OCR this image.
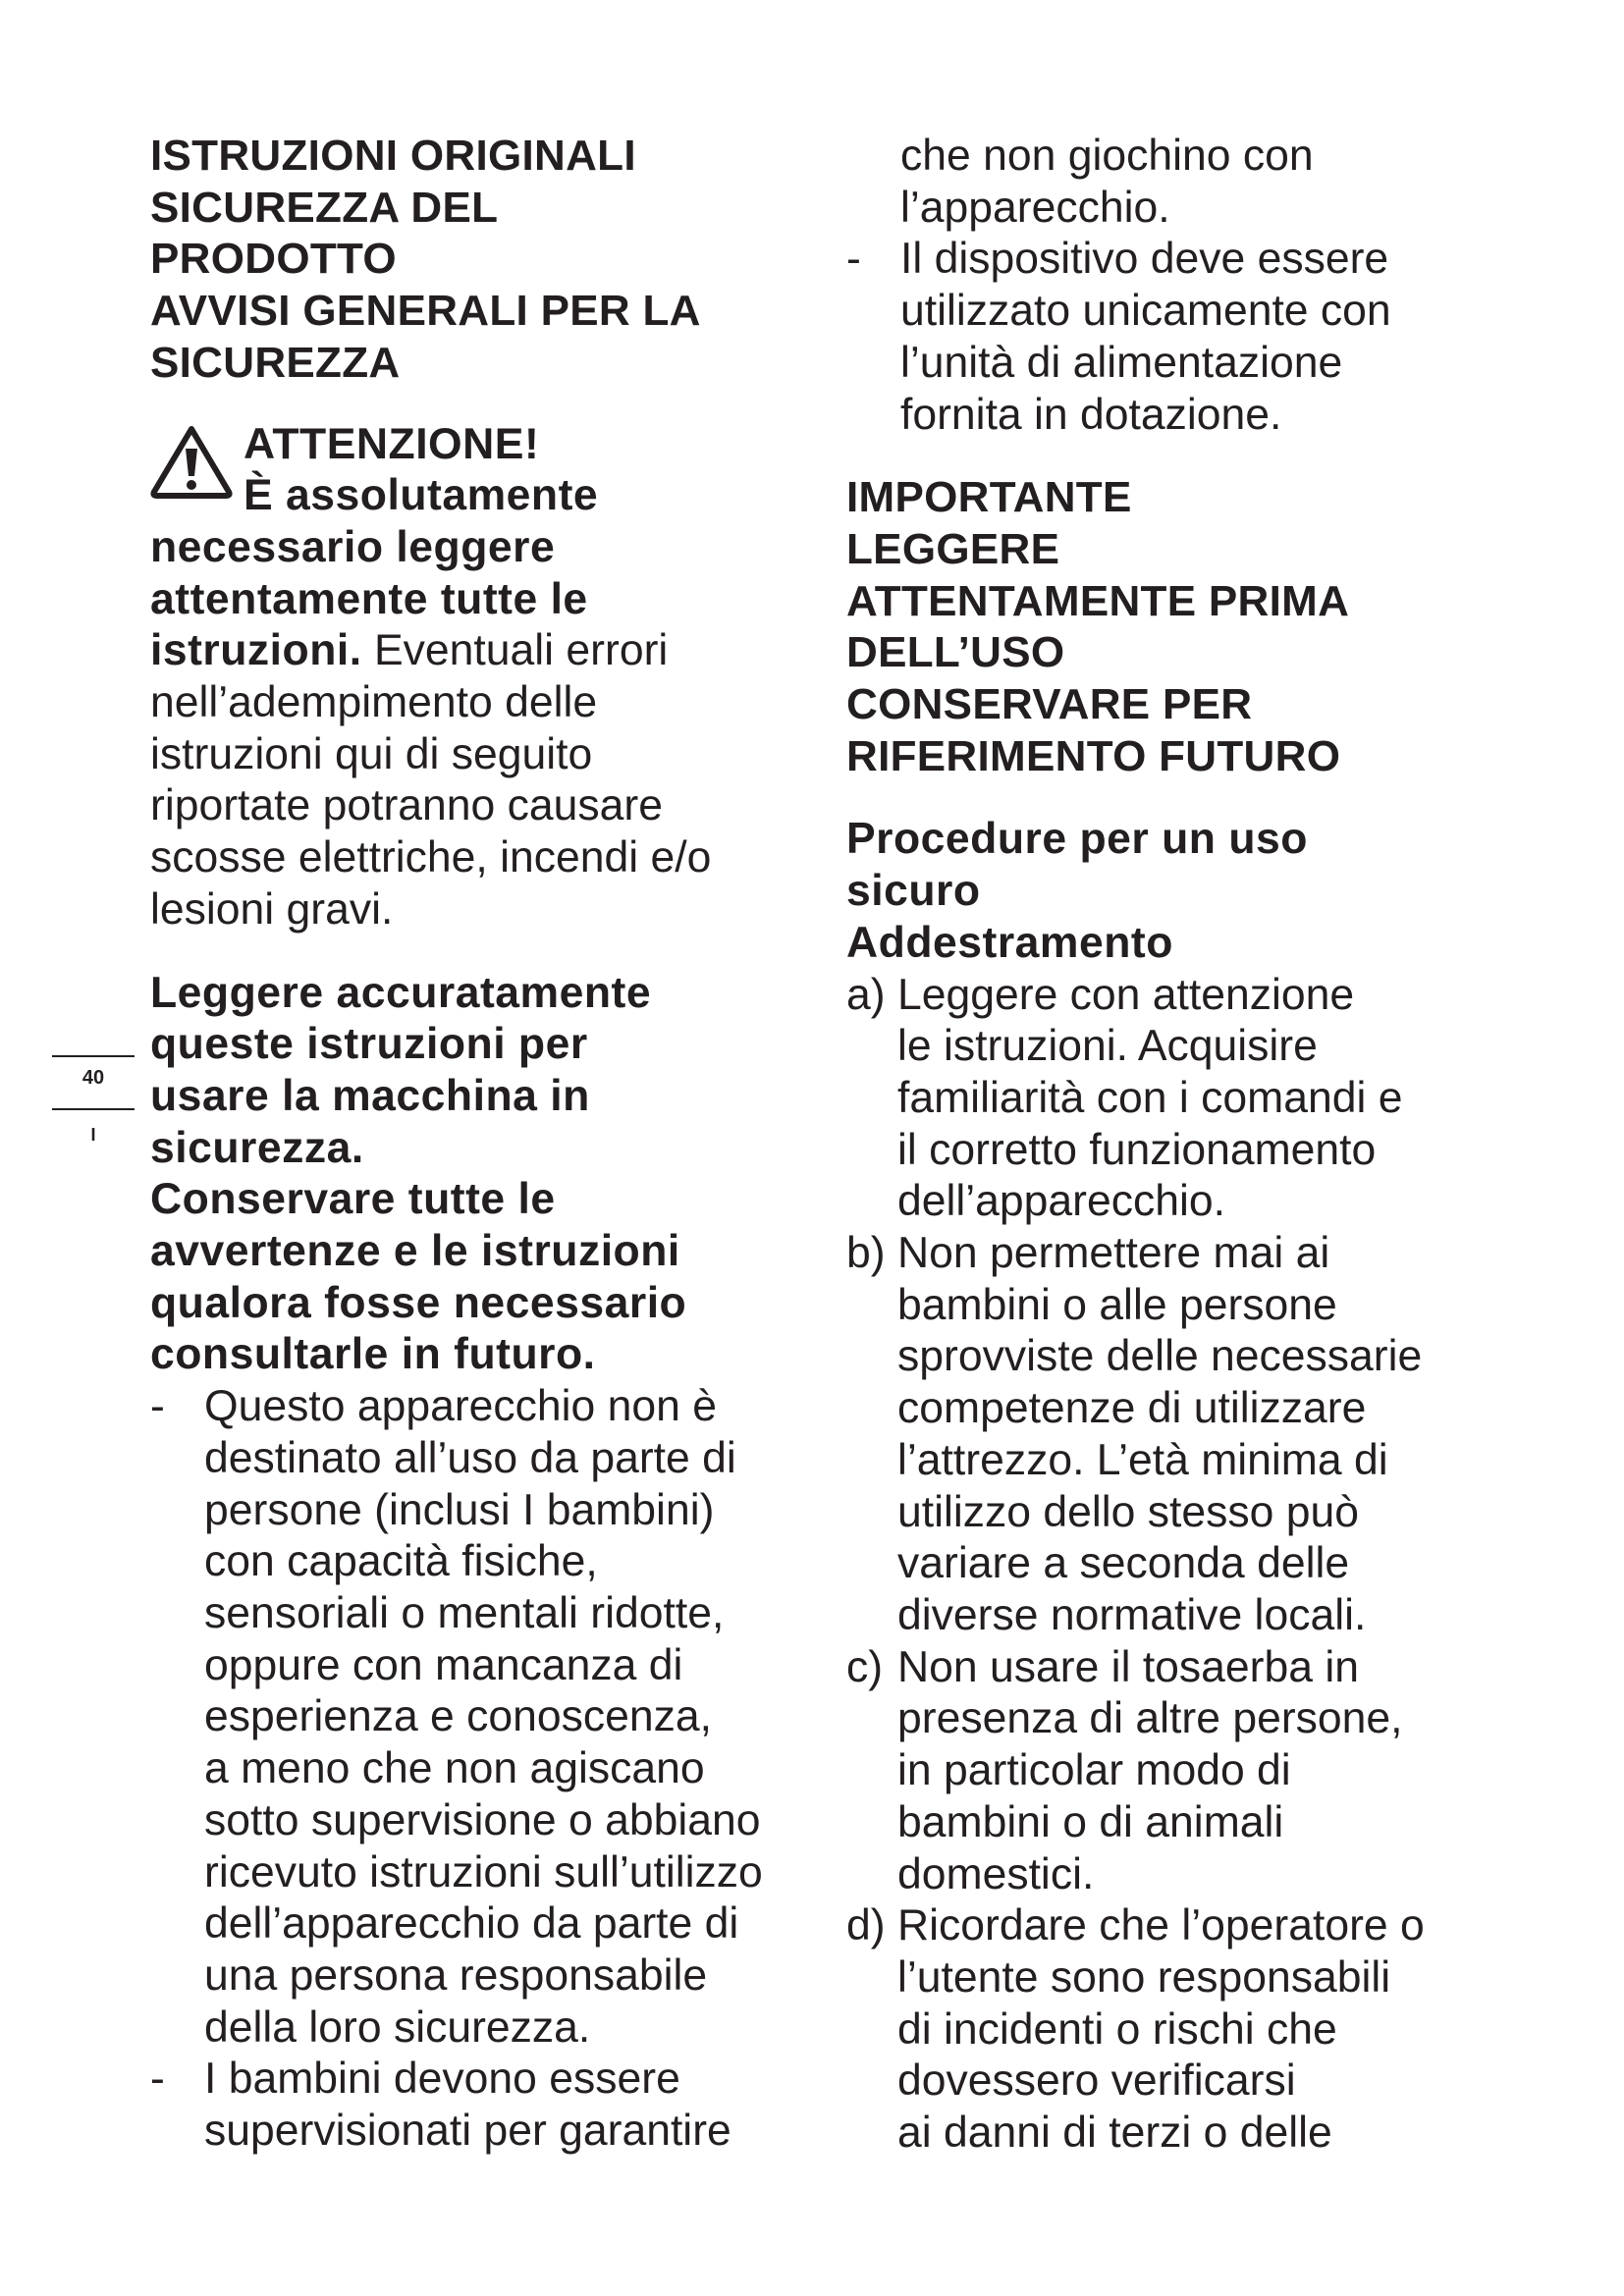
40
I

ISTRUZIONI ORIGINALI

SICUREZZA DEL

PRODOTTO

AVVISI GENERALI PER LA

SICUREZZA

ATTENZIONE!

È assolutamente

necessario leggere

attentamente tutte le

istruzioni. Eventuali errori

nell’adempimento delle

istruzioni qui di seguito

riportate potranno causare

scosse elettriche, incendi e/o

lesioni gravi.

Leggere accuratamente

queste istruzioni per

usare la macchina in

sicurezza.

Conservare tutte le

avvertenze e le istruzioni

qualora fosse necessario

consultarle in futuro.

- Questo apparecchio non è

destinato all’uso da parte di

persone (inclusi I bambini)

con capacità fisiche,

sensoriali o mentali ridotte,

oppure con mancanza di

esperienza e conoscenza,

a meno che non agiscano

sotto supervisione o abbiano

ricevuto istruzioni sull’utilizzo

dell’apparecchio da parte di

una persona responsabile

della loro sicurezza.

- I bambini devono essere

supervisionati per garantire

che non giochino con

l’apparecchio.

- Il dispositivo deve essere

utilizzato unicamente con

l’unità di alimentazione

fornita in dotazione.

IMPORTANTE

LEGGERE

ATTENTAMENTE PRIMA

DELL’USO

CONSERVARE PER

RIFERIMENTO FUTURO

Procedure per un uso

sicuro

Addestramento

a) Leggere con attenzione

le istruzioni. Acquisire

familiarità con i comandi e

il corretto funzionamento

dell’apparecchio.

b) Non permettere mai ai

bambini o alle persone

sprovviste delle necessarie

competenze di utilizzare

l’attrezzo. L’età minima di

utilizzo dello stesso può

variare a seconda delle

diverse normative locali.

c) Non usare il tosaerba in

presenza di altre persone,

in particolar modo di

bambini o di animali

domestici.

d) Ricordare che l’operatore o

l’utente sono responsabili

di incidenti o rischi che

dovessero verificarsi

ai danni di terzi o delle
